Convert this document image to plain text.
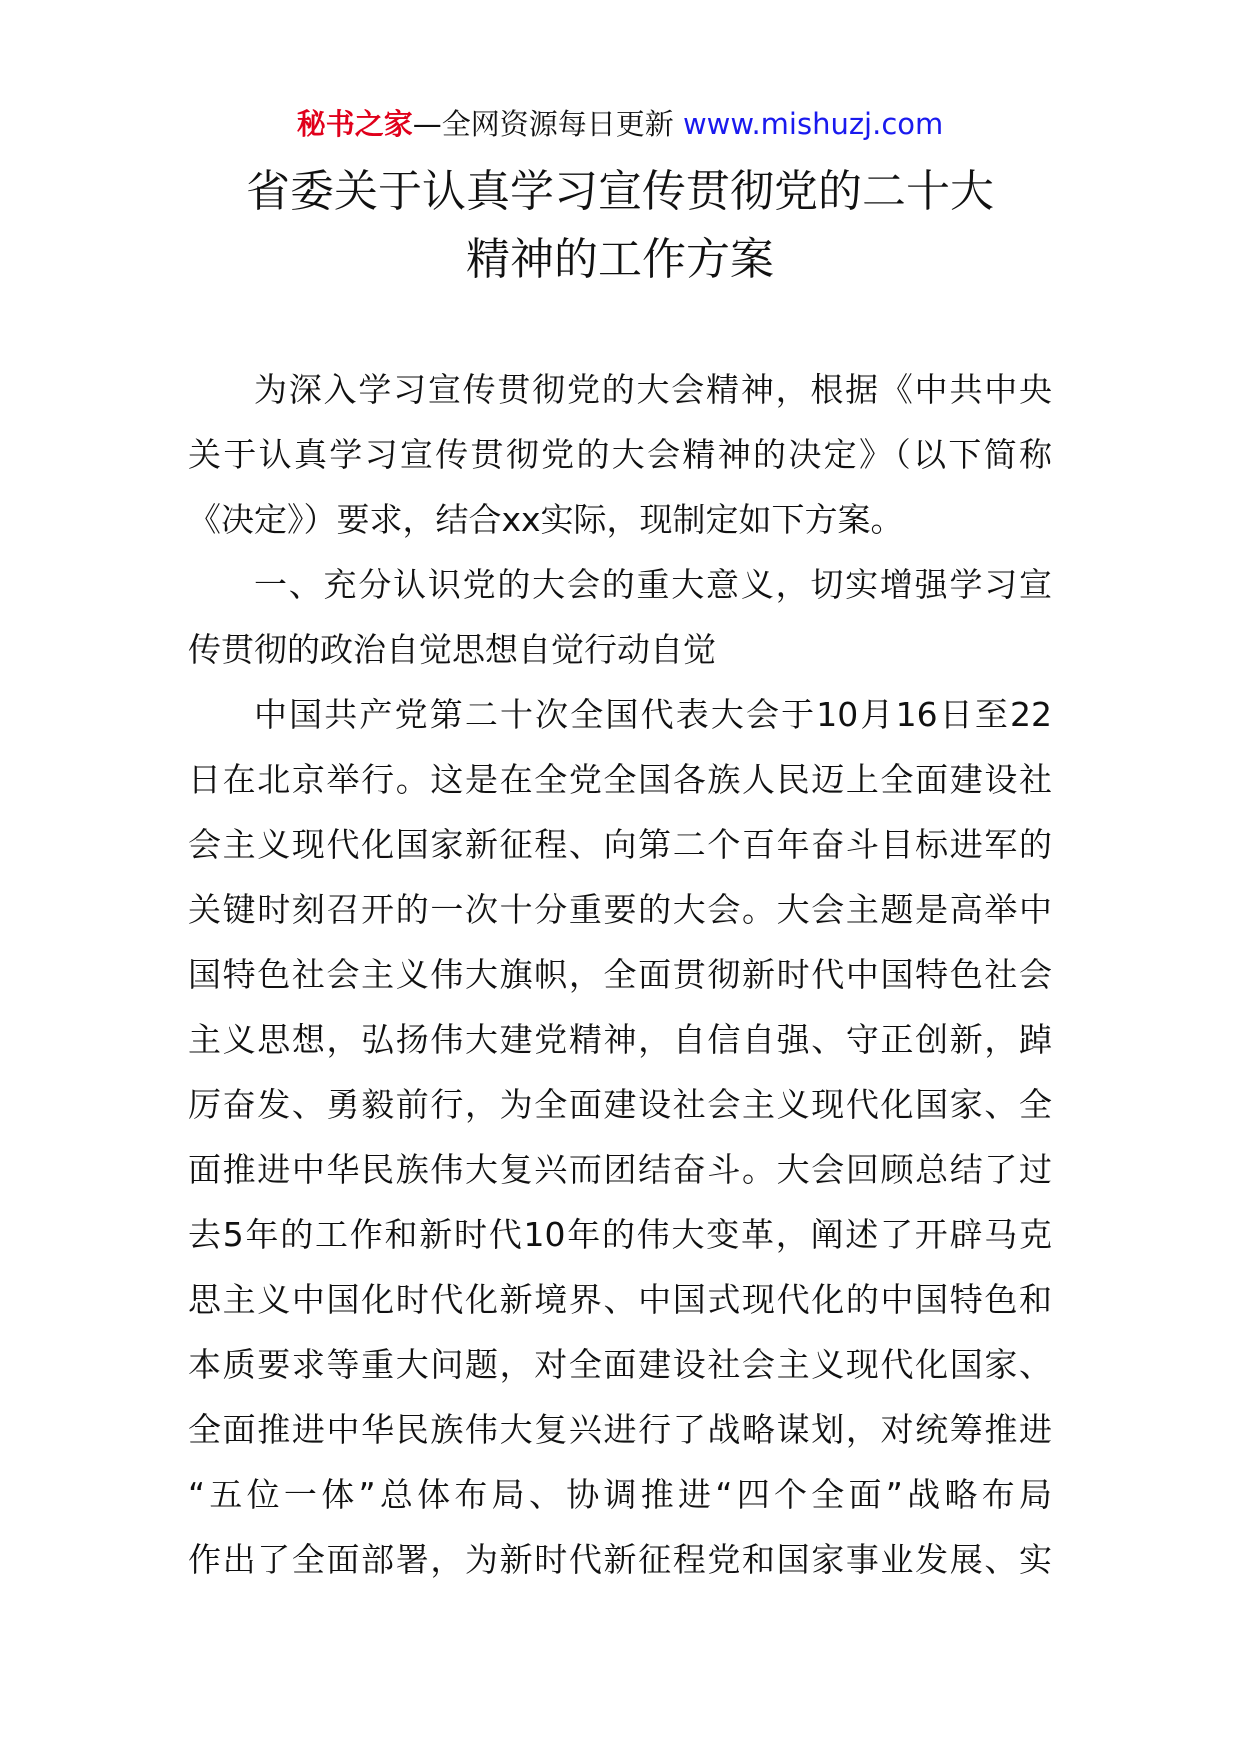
秘书之家—全网资源每日更新 www.mishuzj.com
省委关于认真学习宣传贯彻党的二十大
精神的工作方案
为深入学习宣传贯彻党的大会精神，根据《中共中央
关于认真学习宣传贯彻党的大会精神的决定》（以下简称
《决定》）要求，结合xx实际，现制定如下方案。
一、充分认识党的大会的重大意义，切实增强学习宣
传贯彻的政治自觉思想自觉行动自觉
中国共产党第二十次全国代表大会于10月16日至22
日在北京举行。这是在全党全国各族人民迈上全面建设社
会主义现代化国家新征程、向第二个百年奋斗目标进军的
关键时刻召开的一次十分重要的大会。大会主题是高举中
国特色社会主义伟大旗帜，全面贯彻新时代中国特色社会
主义思想，弘扬伟大建党精神，自信自强、守正创新，踔
厉奋发、勇毅前行，为全面建设社会主义现代化国家、全
面推进中华民族伟大复兴而团结奋斗。大会回顾总结了过
去5年的工作和新时代10年的伟大变革，阐述了开辟马克
思主义中国化时代化新境界、中国式现代化的中国特色和
本质要求等重大问题，对全面建设社会主义现代化国家、
全面推进中华民族伟大复兴进行了战略谋划，对统筹推进
“五位一体”总体布局、协调推进“四个全面”战略布局
作出了全面部署，为新时代新征程党和国家事业发展、实
